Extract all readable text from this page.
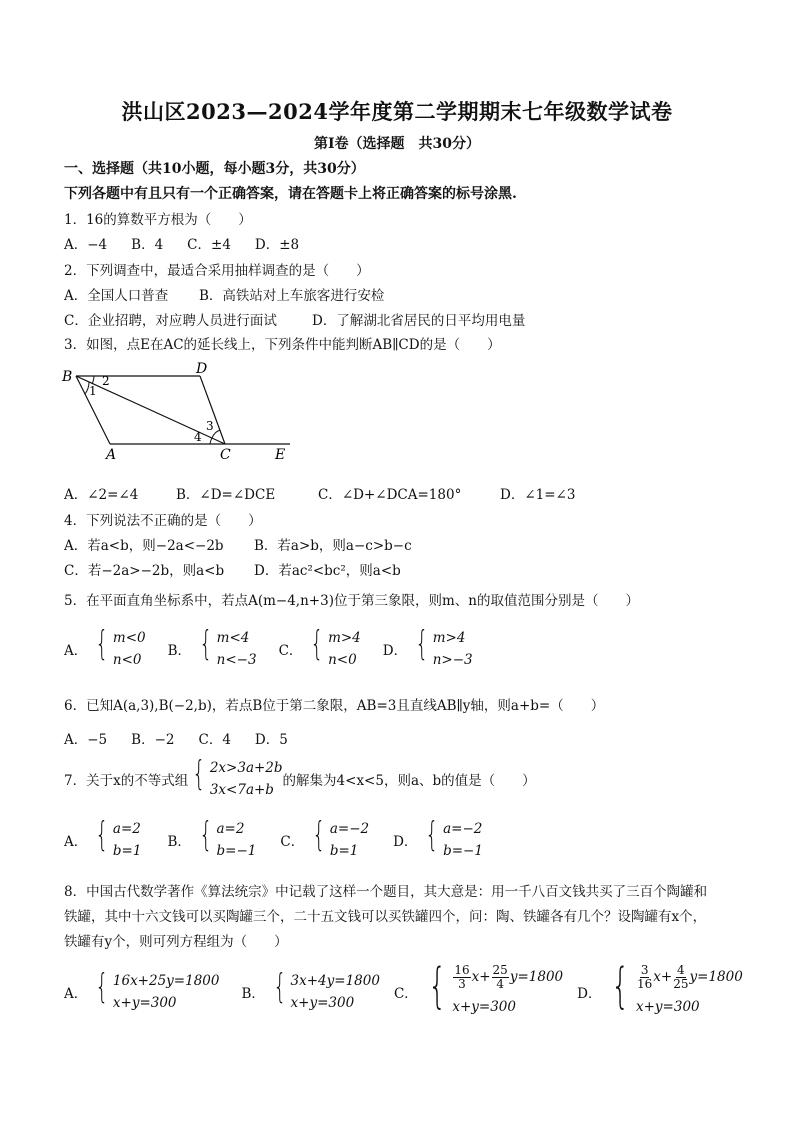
洪山区2023—2024学年度第二学期期末七年级数学试卷
第Ⅰ卷（选择题　共30分）
一、选择题（共10小题，每小题3分，共30分）
下列各题中有且只有一个正确答案，请在答题卡上将正确答案的标号涂黑.
1．16的算数平方根为（　　）
A．−4 B．4 C．±4 D．±8
2．下列调查中，最适合采用抽样调查的是（　　）
A．全国人口普查 B．高铁站对上车旅客进行安检
C．企业招聘，对应聘人员进行面试	D．了解湖北省居民的日平均用电量
3．如图，点E在AC的延长线上，下列条件中能判断AB∥CD的是（　　）
B	D
A	C	E
1
2
3
4
A．∠2=∠4	B．∠D=∠DCE	C．∠D+∠DCA=180°	D．∠1=∠3
4．下列说法不正确的是（　　）
A．若a<b，则−2a<−2b B．若a>b，则a−c>b−c
C．若−2a>−2b，则a<b D．若ac²<bc²，则a<b
5．在平面直角坐标系中，若点A(m−4,n+3)位于第三象限，则m、n的取值范围分别是（　　）
A． { m<0
n<0
B． { m<4
n<−3
C． { m>4
n<0
D． { m>4
n>−3
6．已知A(a,3),B(−2,b)，若点B位于第二象限，AB=3且直线AB∥y轴，则a+b=（　　）
A．−5 B．−2 C．4 D．5
7．关于x的不等式组 { 2x>3a+2b
3x<7a+b
的解集为4<x<5，则a、b的值是（　　）
A． { a=2
b=1
B． { a=2
b=−1
C． { a=−2
b=1
D． { a=−2
b=−1
8．中国古代数学著作《算法统宗》中记载了这样一个题目，其大意是：用一千八百文钱共买了三百个陶罐和
铁罐，其中十六文钱可以买陶罐三个，二十五文钱可以买铁罐四个，问：陶、铁罐各有几个？设陶罐有x个，
铁罐有y个，则可列方程组为（　　）
A． { 16x+25y=1800
x+y=300
B． { 3x+4y=1800
x+y=300
C． { $\frac{16}{3} x+ \frac{25}{4} y=1800$
x+y=300
D． { $\frac{3}{16} x+ \frac{4}{25} y=1800$
x+y=300
